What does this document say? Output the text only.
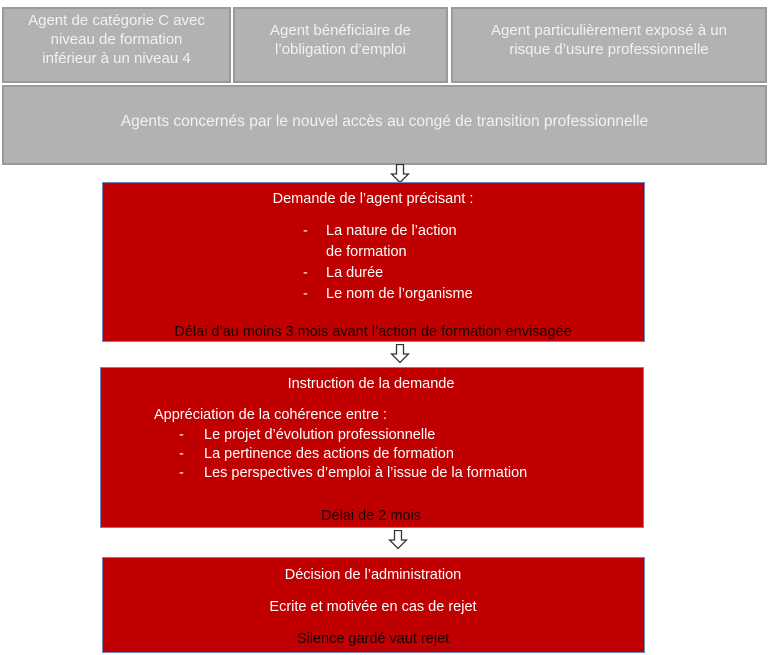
Agent de catégorie C avec
niveau de formation
inférieur à un niveau 4
Agent bénéficiaire de
l’obligation d’emploi
Agent particulièrement exposé à un
risque d’usure professionnelle
Agents concernés par le nouvel accès au congé de transition professionnelle
Demande de l’agent précisant :
- La nature de l’action
de formation
- La durée
- Le nom de l’organisme
Délai d’au moins 3 mois avant l’action de formation envisagée
Instruction de la demande
Appréciation de la cohérence entre :
- Le projet d’évolution professionnelle
- La pertinence des actions de formation
- Les perspectives d’emploi à l’issue de la formation
Délai de 2 mois
Décision de l’administration
Ecrite et motivée en cas de rejet
Silence gardé vaut rejet
